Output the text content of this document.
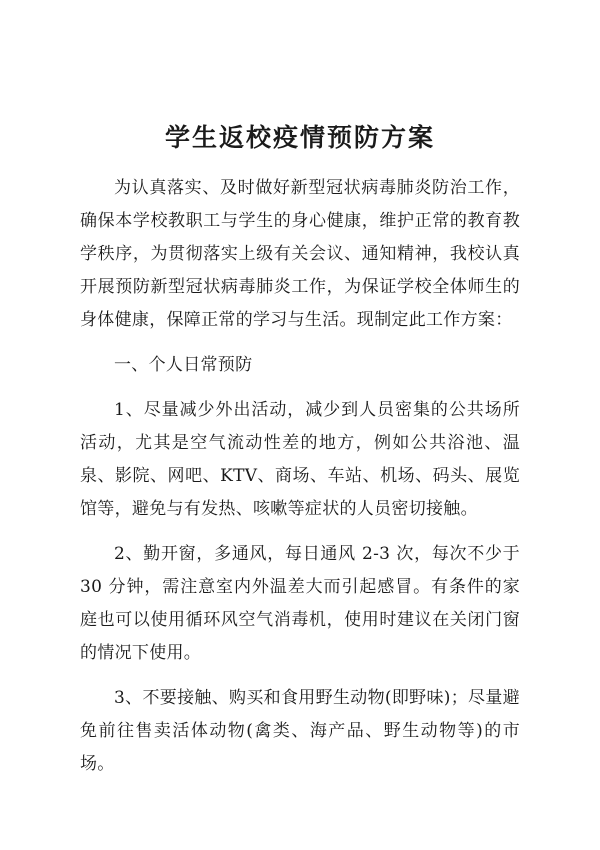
学生返校疫情预防方案

为认真落实、及时做好新型冠状病毒肺炎防治工作，确保本学校教职工与学生的身心健康，维护正常的教育教学秩序，为贯彻落实上级有关会议、通知精神，我校认真开展预防新型冠状病毒肺炎工作，为保证学校全体师生的身体健康，保障正常的学习与生活。现制定此工作方案：

一、个人日常预防

1、尽量减少外出活动，减少到人员密集的公共场所活动，尤其是空气流动性差的地方，例如公共浴池、温泉、影院、网吧、KTV、商场、车站、机场、码头、展览馆等，避免与有发热、咳嗽等症状的人员密切接触。

2、勤开窗，多通风，每日通风 2-3 次，每次不少于 30 分钟，需注意室内外温差大而引起感冒。有条件的家庭也可以使用循环风空气消毒机，使用时建议在关闭门窗的情况下使用。

3、不要接触、购买和食用野生动物(即野味)；尽量避免前往售卖活体动物(禽类、海产品、野生动物等)的市场。
